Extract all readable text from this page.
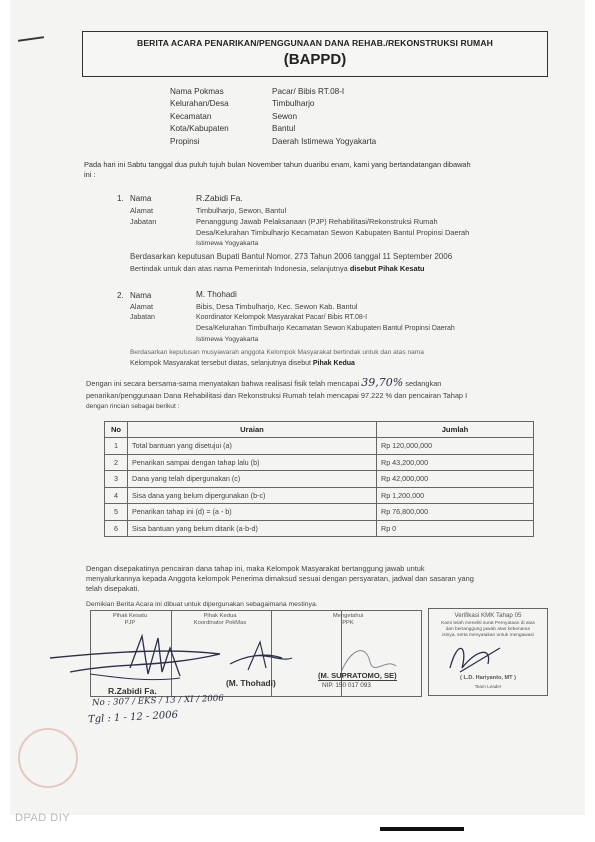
BERITA ACARA PENARIKAN/PENGGUNAAN DANA REHAB./REKONSTRUKSI RUMAH
(BAPPD)
Nama Pokmas	Pacar/ Bibis RT.08-I
Kelurahan/Desa	Timbulharjo
Kecamatan	Sewon
Kota/Kabupaten	Bantul
Propinsi	Daerah Istimewa Yogyakarta
Pada hari ini Sabtu tanggal dua puluh tujuh bulan November tahun duaribu enam, kami yang bertandatangan dibawah
ini :
1. Nama	R.Zabidi Fa.
Alamat	Timbulharjo, Sewon, Bantul
Jabatan	Penanggung Jawab Pelaksanaan (PJP) Rehabilitasi/Rekonstruksi Rumah
Desa/Kelurahan Timbulharjo Kecamatan Sewon Kabupaten Bantul Propinsi Daerah
Istimewa Yogyakarta
Berdasarkan keputusan Bupati Bantul Nomor. 273 Tahun 2006 tanggal 11 September 2006
Bertindak untuk dan atas nama Pemerintah Indonesia, selanjutnya disebut Pihak Kesatu
2. Nama	M. Thohadi
Alamat	Bibis, Desa Timbulharjo, Kec. Sewon Kab. Bantul
Jabatan	Koordinator Kelompok Masyarakat Pacar/ Bibis RT.08-I
Desa/Kelurahan Timbulharjo Kecamatan Sewon Kabupaten Bantul Propinsi Daerah
Istimewa Yogyakarta
Berdasarkan keputusan musyawarah anggota Kelompok Masyarakat bertindak untuk dan atas nama
Kelompok Masyarakat tersebut diatas, selanjutnya disebut Pihak Kedua
Dengan ini secara bersama-sama menyatakan bahwa realisasi fisik telah mencapai 39,70% sedangkan
penarikan/penggunaan Dana Rehabilitasi dan Rekonstruksi Rumah telah mencapai 97.222 % dan pencairan Tahap I
dengan rincian sebagai berikut :
No	Uraian	Jumlah
1	Total bantuan yang disetujui (a)	Rp 120,000,000
2	Penarikan sampai dengan tahap lalu (b)	Rp 43,200,000
3	Dana yang telah dipergunakan (c)	Rp 42,000,000
4	Sisa dana yang belum dipergunakan (b-c)	Rp 1,200,000
5	Penarikan tahap ini (d) = (a - b)	Rp 76,800,000
6	Sisa bantuan yang belum ditarik (a-b-d)	Rp 0
Dengan disepakatinya pencairan dana tahap ini, maka Kelompok Masyarakat bertanggung jawab untuk
menyalurkannya kepada Anggota kelompok Penerima dimaksud sesuai dengan persyaratan, jadwal dan sasaran yang
telah disepakati.
Demikian Berita Acara ini dibuat untuk dipergunakan sebagaimana mestinya.
Pihak Kesatu
PJP
Pihak Kedua
Koordinator PokMas
Mengetahui
PPK
Verifikasi KMK Tahap 05
Kami telah meneliti surat Pernyataan di atas
dan bertanggung jawab atas kebenaran
isinya, serta menyatakan untuk mengawasi
( L.D. Hariyanto, MT )
Team Leader
R.Zabidi Fa.
(M. Thohadi)
(M. SUPRATOMO, SE)
NIP. 150 017 093
No : 307 / EKS / 13 / XI / 2006
Tgl : 1 - 12 - 2006
DPAD DIY
